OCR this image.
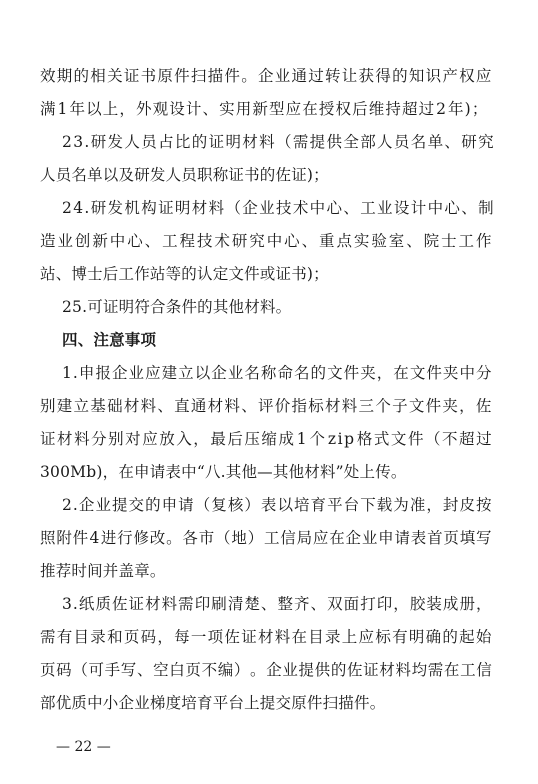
效 期 的 相 关 证 书 原 件 扫 描 件 。 企 业 通 过 转 让 获 得 的 知 识 产 权 应
满 1 年 以 上 ， 外 观 设 计 、 实 用 新 型 应 在 授 权 后 维 持 超 过 2 年 ) ；
2 3 . 研 发 人 员 占 比 的 证 明 材 料 （ 需 提 供 全 部 人 员 名 单 、 研 究
人员名单以及研发人员职称证书的佐证)；
2 4 . 研 发 机 构 证 明 材 料 （ 企 业 技 术 中 心 、 工 业 设 计 中 心 、 制
造 业 创 新 中 心 、 工 程 技 术 研 究 中 心 、 重 点 实 验 室 、 院 士 工 作
站、博士后工作站等的认定文件或证书)；
25.可证明符合条件的其他材料。
四、注意事项
1 . 申 报 企 业 应 建 立 以 企 业 名 称 命 名 的 文 件 夹 ， 在 文 件 夹 中 分
别 建 立 基 础 材 料 、 直 通 材 料 、 评 价 指 标 材 料 三 个 子 文 件 夹 ， 佐
证 材 料 分 别 对 应 放 入 ， 最 后 压 缩 成 1 个 z i p 格 式 文 件 （ 不 超 过
300Mb)，在申请表中“八.其他—其他材料”处上传。
2 . 企 业 提 交 的 申 请 （ 复 核 ） 表 以 培 育 平 台 下 载 为 准 ， 封 皮 按
照 附 件 4 进 行 修 改 。 各 市 （ 地 ） 工 信 局 应 在 企 业 申 请 表 首 页 填 写
推荐时间并盖章。
3 . 纸 质 佐 证 材 料 需 印 刷 清 楚 、 整 齐 、 双 面 打 印 ， 胶 装 成 册 ，
需 有 目 录 和 页 码 ， 每 一 项 佐 证 材 料 在 目 录 上 应 标 有 明 确 的 起 始
页 码 （ 可 手 写 、 空 白 页 不 编 ） 。 企 业 提 供 的 佐 证 材 料 均 需 在 工 信
部优质中小企业梯度培育平台上提交原件扫描件。
— 22 —
